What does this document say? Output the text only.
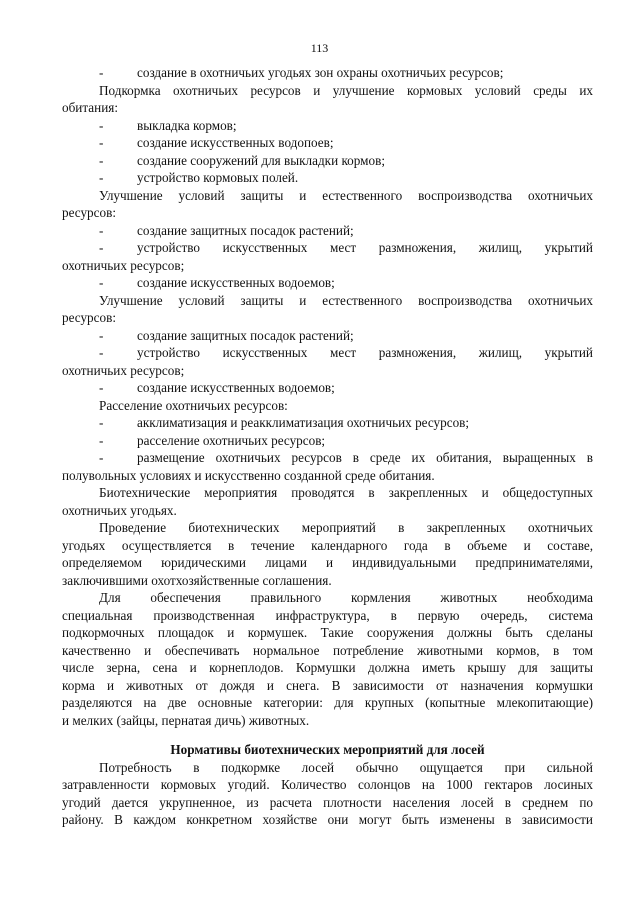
113
-	создание в охотничьих угодьях зон охраны охотничьих ресурсов;
Подкормка охотничьих ресурсов и улучшение кормовых условий среды их
обитания:
-	выкладка кормов;
-	создание искусственных водопоев;
-	создание сооружений для выкладки кормов;
-	устройство кормовых полей.
Улучшение условий защиты и естественного воспроизводства охотничьих
ресурсов:
-	создание защитных посадок растений;
-	устройство искусственных мест размножения, жилищ, укрытий
охотничьих ресурсов;
-	создание искусственных водоемов;
Улучшение условий защиты и естественного воспроизводства охотничьих
ресурсов:
-	создание защитных посадок растений;
-	устройство искусственных мест размножения, жилищ, укрытий
охотничьих ресурсов;
-	создание искусственных водоемов;
Расселение охотничьих ресурсов:
-	акклиматизация и реакклиматизация охотничьих ресурсов;
-	расселение охотничьих ресурсов;
-	размещение охотничьих ресурсов в среде их обитания, выращенных в
полувольных условиях и искусственно созданной среде обитания.
Биотехнические мероприятия проводятся в закрепленных и общедоступных
охотничьих угодьях.
Проведение биотехнических мероприятий в закрепленных охотничьих
угодьях осуществляется в течение календарного года в объеме и составе,
определяемом юридическими лицами и индивидуальными предпринимателями,
заключившими охотхозяйственные соглашения.
Для обеспечения правильного кормления животных необходима
специальная производственная инфраструктура, в первую очередь, система
подкормочных площадок и кормушек. Такие сооружения должны быть сделаны
качественно и обеспечивать нормальное потребление животными кормов, в том
числе зерна, сена и корнеплодов. Кормушки должна иметь крышу для защиты
корма и животных от дождя и снега. В зависимости от назначения кормушки
разделяются на две основные категории: для крупных (копытные млекопитающие)
и мелких (зайцы, пернатая дичь) животных.
Нормативы биотехнических мероприятий для лосей
Потребность в подкормке лосей обычно ощущается при сильной
затравленности кормовых угодий. Количество солонцов на 1000 гектаров лосиных
угодий дается укрупненное, из расчета плотности населения лосей в среднем по
району. В каждом конкретном хозяйстве они могут быть изменены в зависимости
